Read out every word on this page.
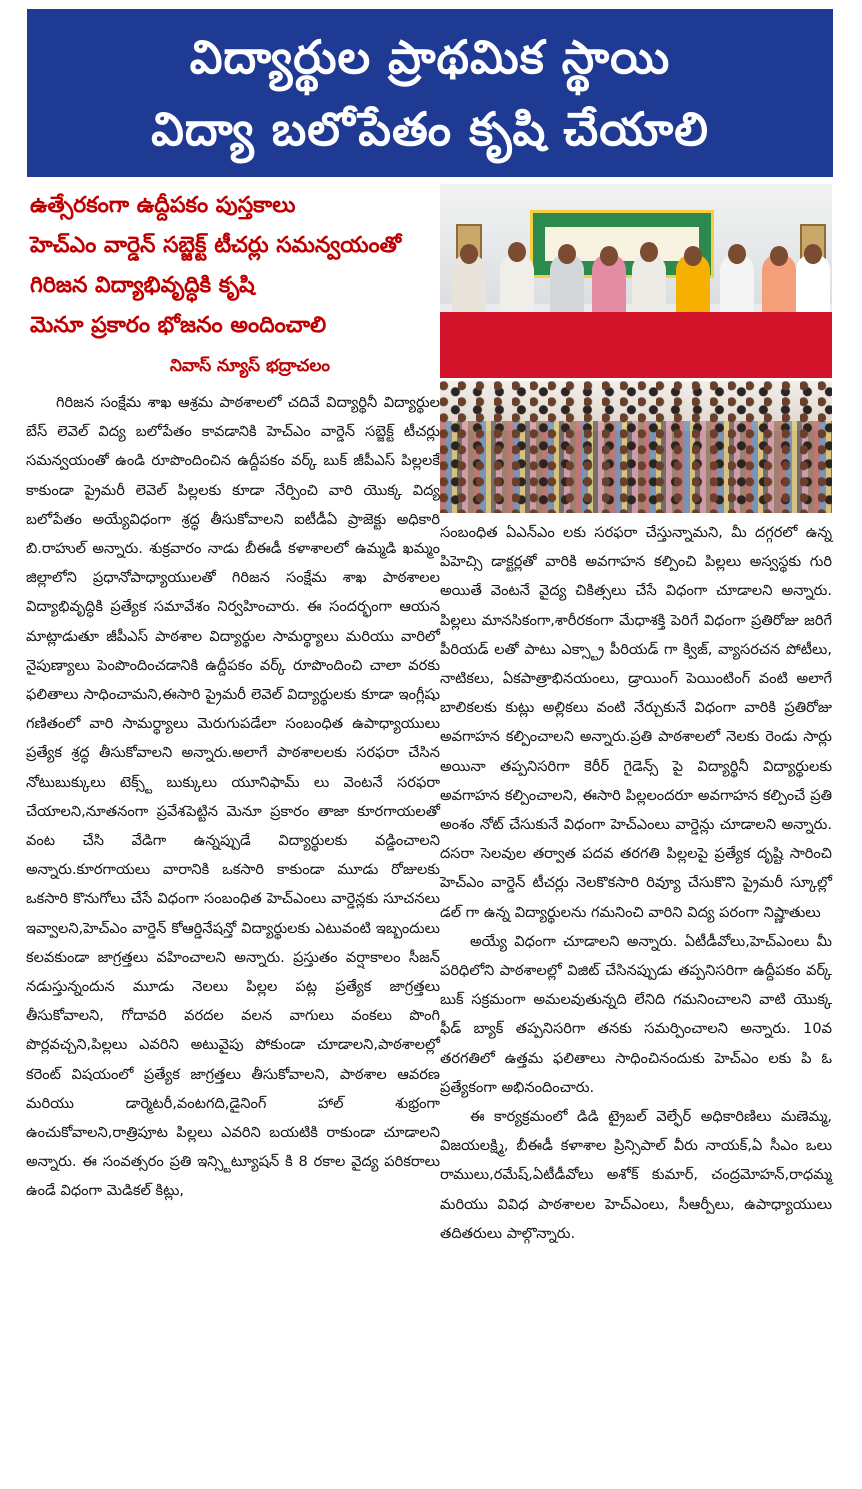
విద్యార్థుల ప్రాథమిక స్థాయి
విద్యా బలోపేతం కృషి చేయాలి
ఉత్సేరకంగా ఉద్దీపకం పుస్తకాలు
హెచ్ఎం వార్డెన్ సబ్జెక్ట్ టీచర్లు సమన్వయంతో
గిరిజన విద్యాభివృద్ధికి కృషి
మెనూ ప్రకారం భోజనం అందించాలి
నివాస్ న్యూస్ భద్రాచలం

గిరిజన సంక్షేమ శాఖ ఆశ్రమ పాఠశాలలో చదివే విద్యార్థినీ విద్యార్థుల బేస్ లెవెల్ విద్య బలోపేతం కావడానికి హెచ్ఎం వార్డెన్ సబ్జెక్ట్ టీచర్లు సమన్వయంతో ఉండి రూపొందించిన ఉద్దీపకం వర్క్ బుక్ జీపీఎస్ పిల్లలకే కాకుండా ప్రైమరీ లెవెల్ పిల్లలకు కూడా నేర్పించి వారి యొక్క విద్య బలోపేతం అయ్యేవిధంగా శ్రద్ధ తీసుకోవాలని ఐటీడీఏ ప్రాజెక్టు అధికారి బి.రాహుల్ అన్నారు. శుక్రవారం నాడు బీఈడీ కళాశాలలో ఉమ్మడి ఖమ్మం జిల్లాలోని ప్రధానోపాధ్యాయులతో గిరిజన సంక్షేమ శాఖ పాఠశాలల విద్యాభివృద్ధికి ప్రత్యేక సమావేశం నిర్వహించారు. ఈ సందర్భంగా ఆయన మాట్లాడుతూ జీపీఎస్ పాఠశాల విద్యార్థుల సామర్థ్యాలు మరియు వారిలో నైపుణ్యాలు పెంపొందించడానికి ఉద్దీపకం వర్క్ రూపొందించి చాలా వరకు ఫలితాలు సాధించామని,ఈసారి ప్రైమరీ లెవెల్ విద్యార్థులకు కూడా ఇంగ్లీషు గణితంలో వారి సామర్థ్యాలు మెరుగుపడేలా సంబంధిత ఉపాధ్యాయులు ప్రత్యేక శ్రద్ధ తీసుకోవాలని అన్నారు.అలాగే పాఠశాలలకు సరఫరా చేసిన నోటుబుక్కులు టెక్స్ట్ బుక్కులు యూనిఫామ్ లు వెంటనే సరఫరా చేయాలని,నూతనంగా ప్రవేశపెట్టిన మెనూ ప్రకారం తాజా కూరగాయలతో వంట చేసి వేడిగా ఉన్నప్పుడే విద్యార్థులకు వడ్డించాలని అన్నారు.కూరగాయలు వారానికి ఒకసారి కాకుండా మూడు రోజులకు ఒకసారి కొనుగోలు చేసే విధంగా సంబంధిత హెచ్ఎంలు వార్డెన్లకు సూచనలు ఇవ్వాలని,హెచ్ఎం వార్డెన్ కోఆర్డినేషన్తో విద్యార్థులకు ఎటువంటి ఇబ్బందులు కలవకుండా జాగ్రత్తలు వహించాలని అన్నారు. ప్రస్తుతం వర్షాకాలం సీజన్ నడుస్తున్నందున మూడు నెలలు పిల్లల పట్ల ప్రత్యేక జాగ్రత్తలు తీసుకోవాలని, గోదావరి వరదల వలన వాగులు వంకలు పొంగి పొర్లవచ్చని,పిల్లలు ఎవరిని అటువైపు పోకుండా చూడాలని,పాఠశాలల్లో కరెంట్ విషయంలో ప్రత్యేక జాగ్రత్తలు తీసుకోవాలని, పాఠశాల ఆవరణ మరియు డార్మెటరీ,వంటగది,డైనింగ్ హాల్ శుభ్రంగా ఉంచుకోవాలని,రాత్రిపూట పిల్లలు ఎవరిని బయటికి రాకుండా చూడాలని అన్నారు. ఈ సంవత్సరం ప్రతి ఇన్స్టిట్యూషన్ కి 8 రకాల వైద్య పరికరాలు ఉండే విధంగా మెడికల్ కిట్లు,

సంబంధిత ఏఎన్ఎం లకు సరఫరా చేస్తున్నామని, మీ దగ్గరలో ఉన్న పిహెచ్సి డాక్టర్లతో వారికి అవగాహన కల్పించి పిల్లలు అస్వస్థకు గురి అయితే వెంటనే వైద్య చికిత్సలు చేసే విధంగా చూడాలని అన్నారు. పిల్లలు మానసికంగా,శారీరకంగా మేధాశక్తి పెరిగే విధంగా ప్రతిరోజు జరిగే పీరియడ్ లతో పాటు ఎక్స్ట్రా పీరియడ్ గా క్విజ్, వ్యాసరచన పోటీలు, నాటికలు, ఏకపాత్రాభినయంలు, డ్రాయింగ్ పెయింటింగ్ వంటి అలాగే బాలికలకు కుట్లు అల్లికలు వంటి నేర్చుకునే విధంగా వారికి ప్రతిరోజు అవగాహన కల్పించాలని అన్నారు.ప్రతి పాఠశాలలో నెలకు రెండు సార్లు అయినా తప్పనిసరిగా కెరీర్ గైడెన్స్ పై విద్యార్థినీ విద్యార్థులకు అవగాహన కల్పించాలని, ఈసారి పిల్లలందరూ అవగాహన కల్పించే ప్రతి అంశం నోట్ చేసుకునే విధంగా హెచ్ఎంలు వార్డెన్లు చూడాలని అన్నారు. దసరా సెలవుల తర్వాత పదవ తరగతి పిల్లలపై ప్రత్యేక దృష్టి సారించి హెచ్ఎం వార్డెన్ టీచర్లు నెలకొకసారి రివ్యూ చేసుకొని ప్రైమరీ స్కూల్లో డల్ గా ఉన్న విద్యార్థులను గమనించి వారిని విద్య పరంగా నిష్ణాతులు

అయ్యే విధంగా చూడాలని అన్నారు. ఏటీడీవోలు,హెచ్ఎంలు మీ పరిధిలోని పాఠశాలల్లో విజిట్ చేసినప్పుడు తప్పనిసరిగా ఉద్దీపకం వర్క్ బుక్ సక్రమంగా అమలవుతున్నది లేనిది గమనించాలని వాటి యొక్క ఫీడ్ బ్యాక్ తప్పనిసరిగా తనకు సమర్పించాలని అన్నారు. 10వ తరగతిలో ఉత్తమ ఫలితాలు సాధించినందుకు హెచ్ఎం లకు పి ఓ ప్రత్యేకంగా అభినందించారు.

ఈ కార్యక్రమంలో డిడి ట్రైబల్ వెల్ఫేర్ అధికారిణిలు మణెమ్మ, విజయలక్ష్మి, బీఈడీ కళాశాల ప్రిన్సిపాల్ వీరు నాయక్,ఏ సీఎం ఒలు రాములు,రమేష్,ఏటీడీవోలు అశోక్ కుమార్, చంద్రమోహన్,రాధమ్మ మరియు వివిధ పాఠశాలల హెచ్ఎంలు, సీఆర్పీలు, ఉపాధ్యాయులు తదితరులు పాల్గొన్నారు.
